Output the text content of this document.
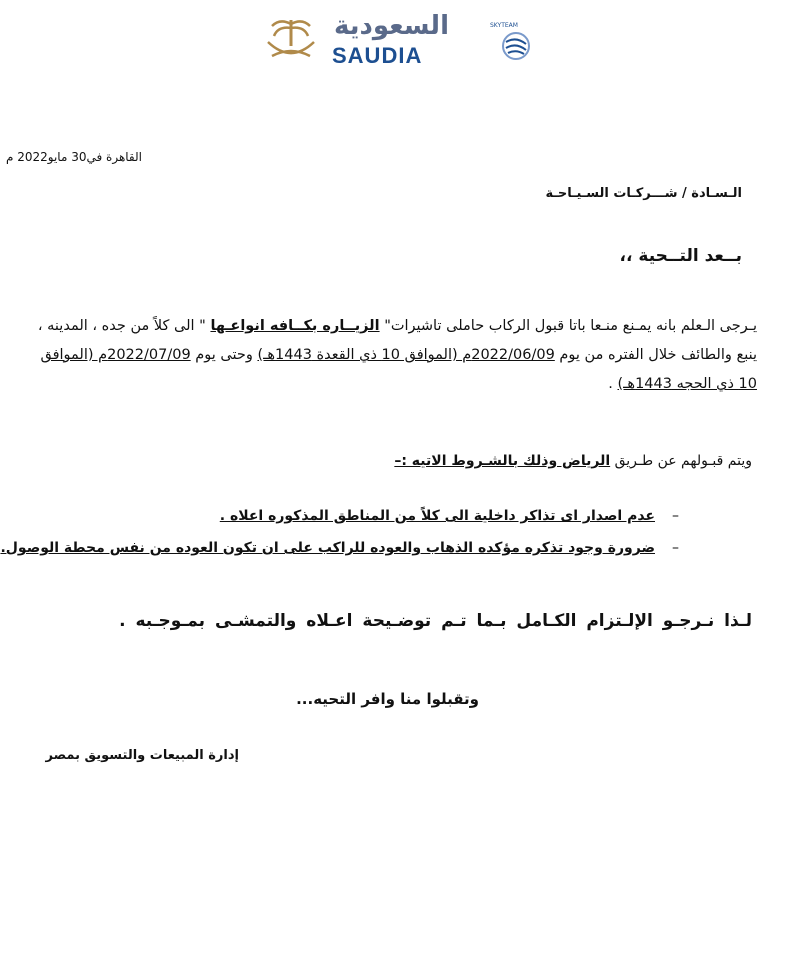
السعودية
SAUDIA
SKYTEAM
القاهرة في30 مايو2022 م
الـسـادة / شـــركـات السـيـاحـة
بــعد التــحية ،،
يـرجى الـعلم بانه يمـنع منـعا باتا قبول الركاب حاملى تاشيرات" الزيــاره بكــافه انواعـها " الى كلاً من جده ، المدينه ، ينبع والطائف خلال الفتره من يوم 2022/06/09م (الموافق 10 ذي القعدة 1443هـ) وحتى يوم 2022/07/09م (الموافق 10 ذي الحجه 1443هـ) .
ويتم قبـولهم عن طـريق الرياض وذلك بالشـروط الاتيه :–
–
عدم اصدار اى تذاكر داخلية الى كلاً من المناطق المذكوره اعلاه .
–
ضرورة وجود تذكره مؤكده الذهاب والعوده للراكب على ان تكون العوده من نفس محطة الوصول.
لـذا نـرجـو الإلـتزام الكـامل بـما تـم توضـيحة اعـلاه والتمشـى بمـوجـبه .
وتقبلوا منا وافر التحيه...
إدارة المبيعات والتسويق بمصر
